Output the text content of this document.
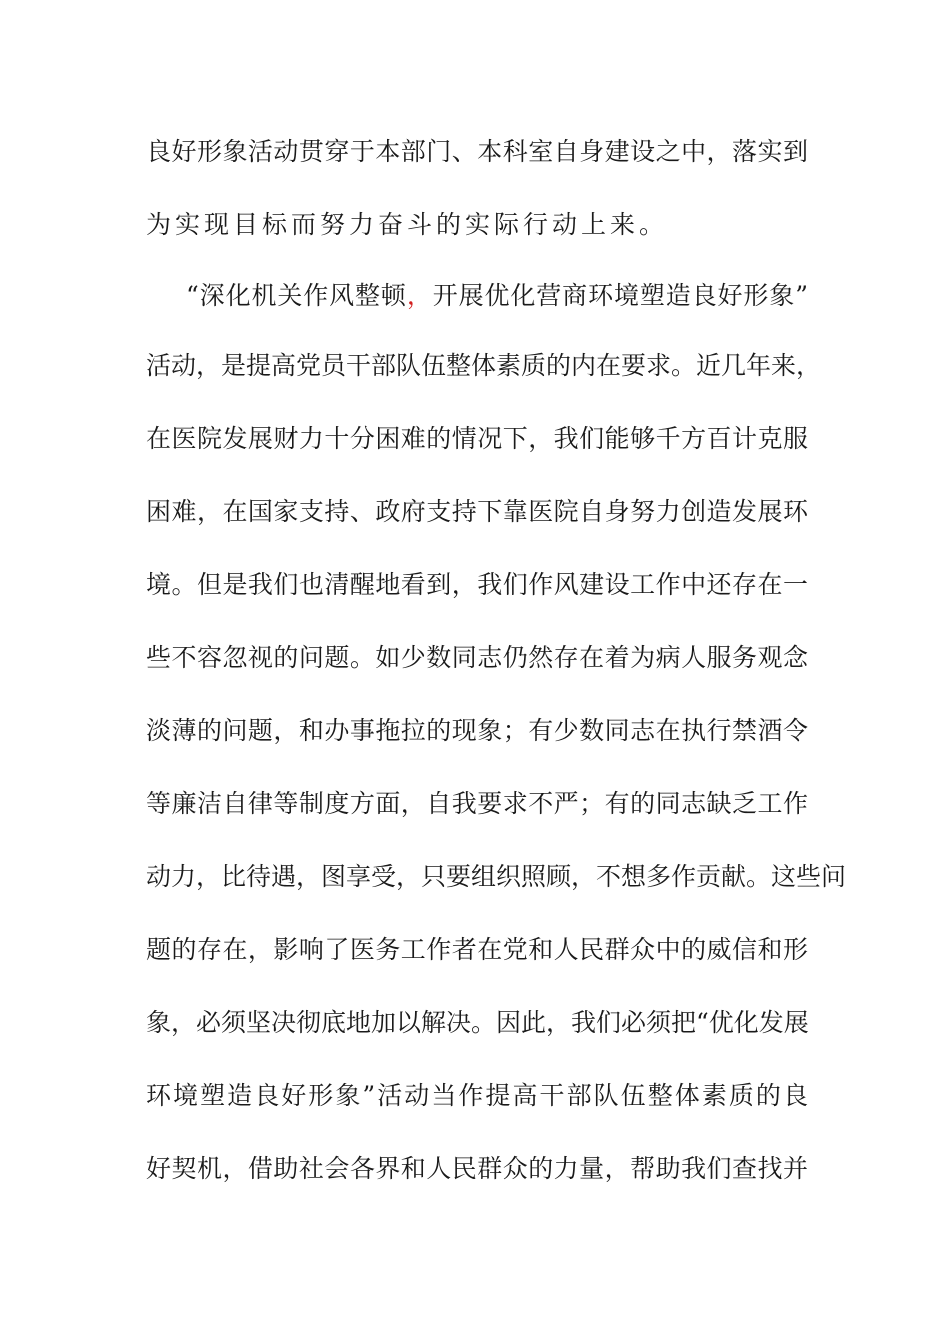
良好形象活动贯穿于本部门、本科室自身建设之中，落实到
为实现目标而努力奋斗的实际行动上来。
“深化机关作风整顿，开展优化营商环境塑造良好形象”
活动，是提高党员干部队伍整体素质的内在要求。近几年来，
在医院发展财力十分困难的情况下，我们能够千方百计克服
困难，在国家支持、政府支持下靠医院自身努力创造发展环
境。但是我们也清醒地看到，我们作风建设工作中还存在一
些不容忽视的问题。如少数同志仍然存在着为病人服务观念
淡薄的问题，和办事拖拉的现象；有少数同志在执行禁酒令
等廉洁自律等制度方面，自我要求不严；有的同志缺乏工作
动力，比待遇，图享受，只要组织照顾，不想多作贡献。这些问
题的存在，影响了医务工作者在党和人民群众中的威信和形
象，必须坚决彻底地加以解决。因此，我们必须把“优化发展
环境塑造良好形象”活动当作提高干部队伍整体素质的良
好契机，借助社会各界和人民群众的力量，帮助我们查找并
